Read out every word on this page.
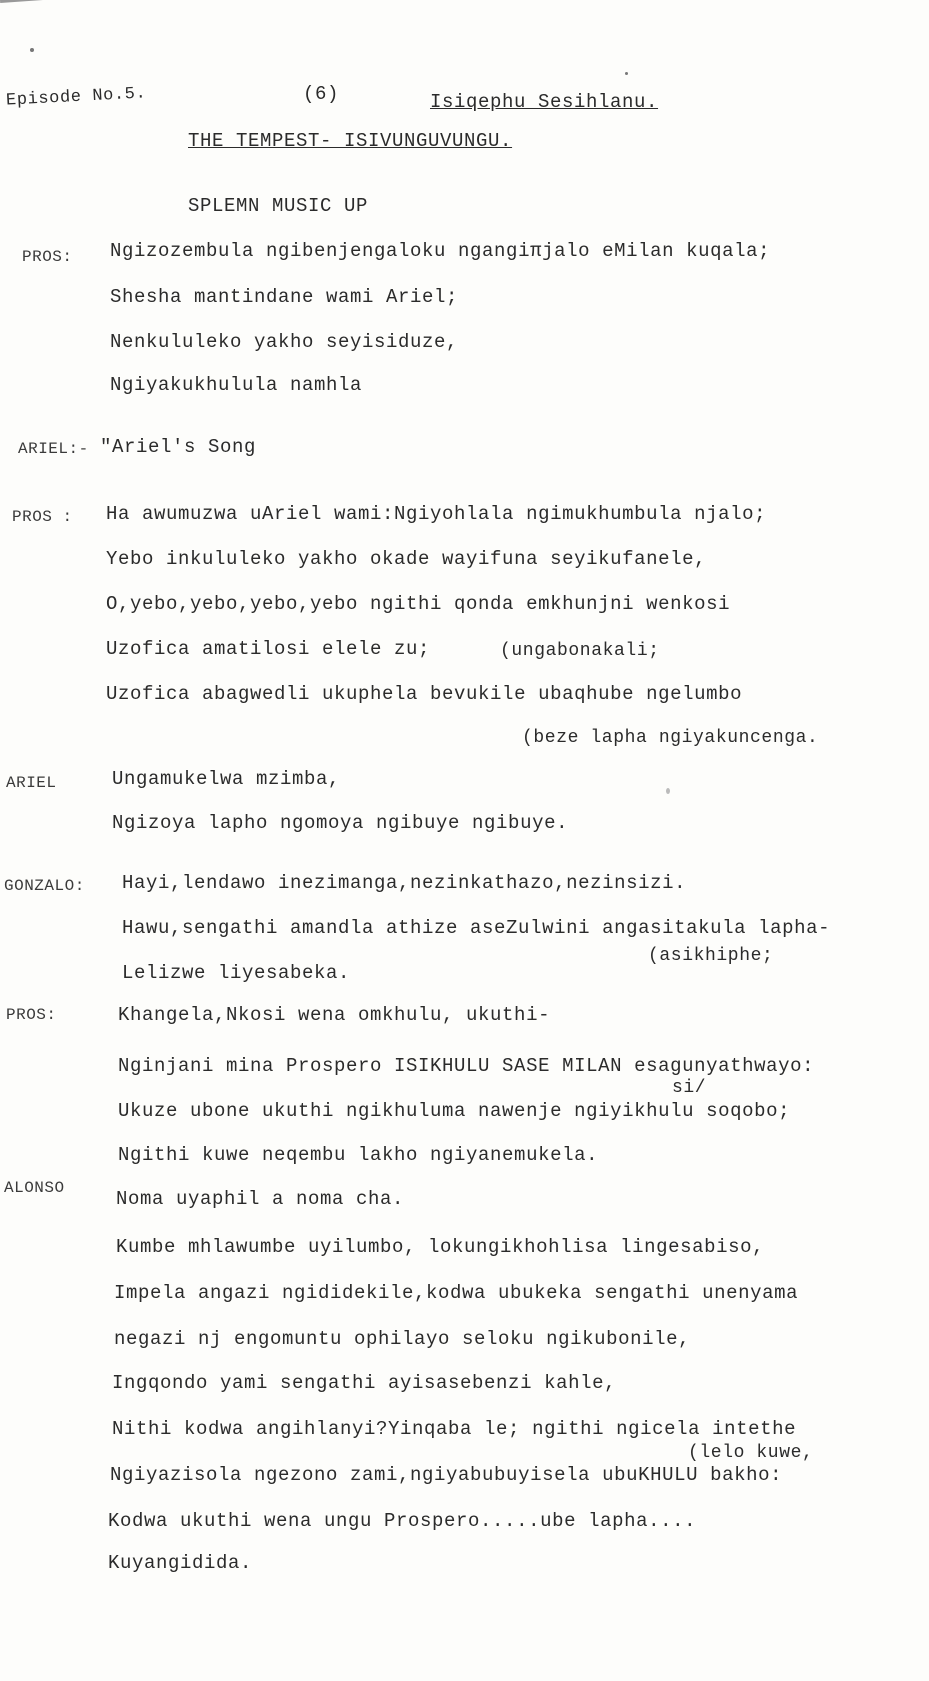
Episode No.5.	(6)	Isiqephu Sesihlanu.
THE TEMPEST- ISIVUNGUVUNGU.
SPLEMN MUSIC UP
PROS: Ngizozembula ngibenjengaloku ngangiπjalo eMilan kuqala;
Shesha mantindane wami Ariel;
Nenkululeko yakho seyisiduze,
Ngiyakukhulula namhla
ARIEL:- "Ariel's Song
PROS : Ha awumuzwa uAriel wami:Ngiyohlala ngimukhumbula njalo;
Yebo inkululeko yakho okade wayifuna seyikufanele,
O,yebo,yebo,yebo,yebo ngithi qonda emkhunjni wenkosi
Uzofica amatilosi elele zu;	(ungabonakali;
Uzofica abagwedli ukuphela bevukile ubaqhube ngelumbo
(beze lapha ngiyakuncenga.
ARIEL	Ungamukelwa mzimba,
Ngizoya lapho ngomoya ngibuye ngibuye.
GONZALO: Hayi,lendawo inezimanga,nezinkathazo,nezinsizi.
Hawu,sengathi amandla athize aseZulwini angasitakula lapha-
(asikhiphe;
Lelizwe liyesabeka.
PROS:	Khangela,Nkosi wena omkhulu, ukuthi-
Nginjani mina Prospero ISIKHULU SASE MILAN esagunyathwayo:
si/
Ukuze ubone ukuthi ngikhuluma nawenje ngiyikhulu soqobo;
Ngithi kuwe neqembu lakho ngiyanemukela.
ALONSO	Noma uyaphil a noma cha.
Kumbe mhlawumbe uyilumbo, lokungikhohlisa lingesabiso,
Impela angazi ngididekile,kodwa ubukeka sengathi unenyama
negazi nj engomuntu ophilayo seloku ngikubonile,
Ingqondo yami sengathi ayisasebenzi kahle,
Nithi kodwa angihlanyi?Yinqaba le; ngithi ngicela intethe
(lelo kuwe,
Ngiyazisola ngezono zami,ngiyabubuyisela ubuKHULU bakho:
Kodwa ukuthi wena ungu Prospero.....ube lapha....
Kuyangidida.
